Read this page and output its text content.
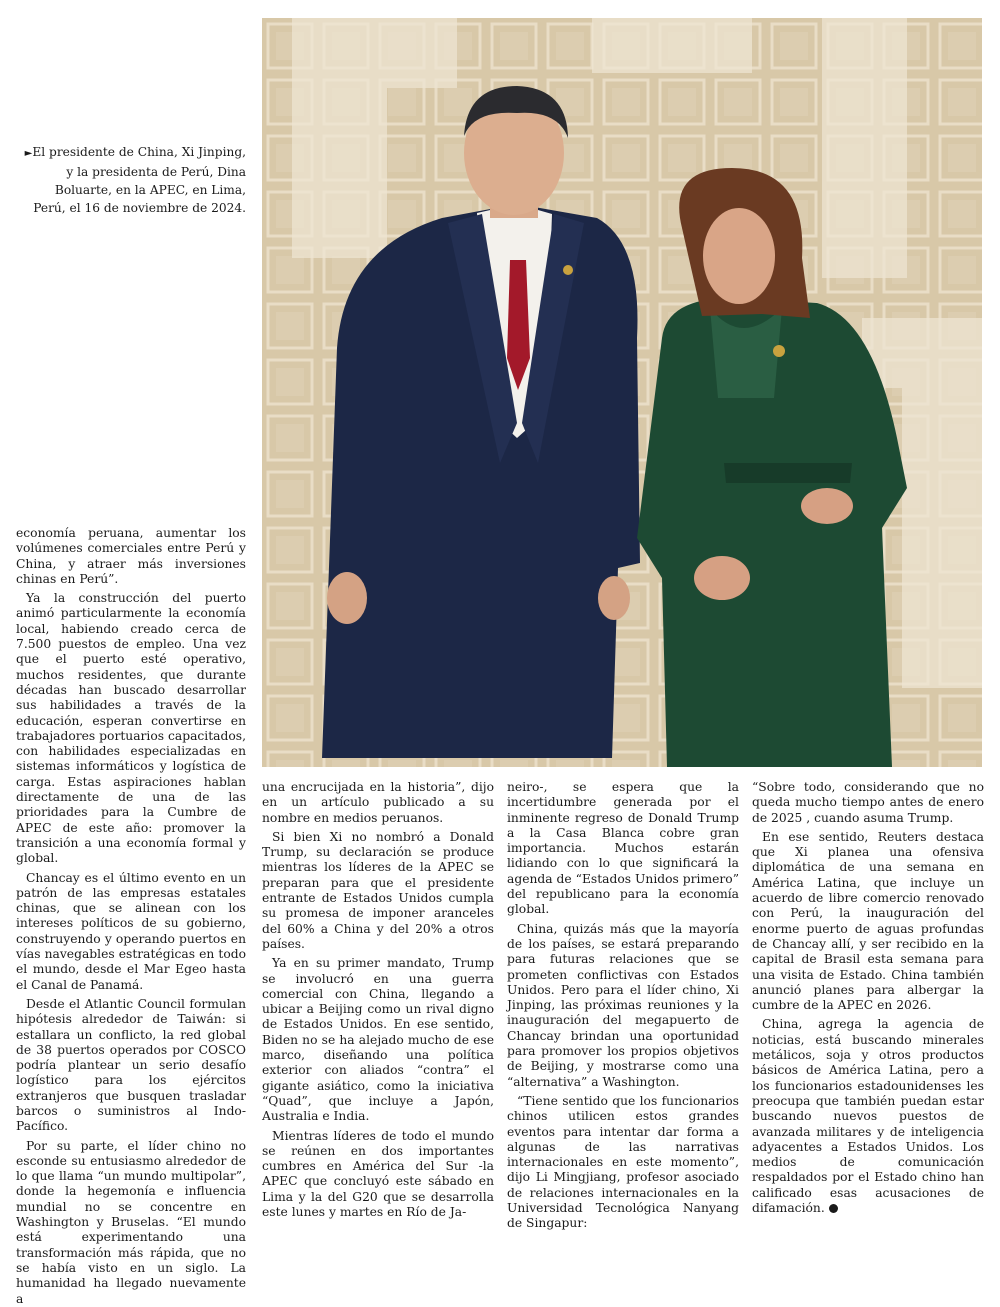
►El presidente de China, Xi Jinping, y la presidenta de Perú, Dina Boluarte, en la APEC, en Lima, Perú, el 16 de noviembre de 2024.

economía peruana, aumentar los volúmenes comerciales entre Perú y China, y atraer más inversiones chinas en Perú”.

Ya la construcción del puerto animó particularmente la economía local, habiendo creado cerca de 7.500 puestos de empleo. Una vez que el puerto esté operativo, muchos residentes, que durante décadas han buscado desarrollar sus habilidades a través de la educación, esperan convertirse en trabajadores portuarios capacitados, con habilidades especializadas en sistemas informáticos y logística de carga. Estas aspiraciones hablan directamente de una de las prioridades para la Cumbre de APEC de este año: promover la transición a una economía formal y global.

Chancay es el último evento en un patrón de las empresas estatales chinas, que se alinean con los intereses políticos de su gobierno, construyendo y operando puertos en vías navegables estratégicas en todo el mundo, desde el Mar Egeo hasta el Canal de Panamá.

Desde el Atlantic Council formulan hipótesis alrededor de Taiwán: si estallara un conflicto, la red global de 38 puertos operados por COSCO podría plantear un serio desafío logístico para los ejércitos extranjeros que busquen trasladar barcos o suministros al Indo-Pacífico.

Por su parte, el líder chino no esconde su entusiasmo alrededor de lo que llama “un mundo multipolar”, donde la hegemonía e influencia mundial no se concentre en Washington y Bruselas. “El mundo está experimentando una transformación más rápida, que no se había visto en un siglo. La humanidad ha llegado nuevamente a

una encrucijada en la historia”, dijo en un artículo publicado a su nombre en medios peruanos.

Si bien Xi no nombró a Donald Trump, su declaración se produce mientras los líderes de la APEC se preparan para que el presidente entrante de Estados Unidos cumpla su promesa de imponer aranceles del 60% a China y del 20% a otros países.

Ya en su primer mandato, Trump se involucró en una guerra comercial con China, llegando a ubicar a Beijing como un rival digno de Estados Unidos. En ese sentido, Biden no se ha alejado mucho de ese marco, diseñando una política exterior con aliados “contra” el gigante asiático, como la iniciativa “Quad”, que incluye a Japón, Australia e India.

Mientras líderes de todo el mundo se reúnen en dos importantes cumbres en América del Sur -la APEC que concluyó este sábado en Lima y la del G20 que se desarrolla este lunes y martes en Río de Ja-

neiro-, se espera que la incertidumbre generada por el inminente regreso de Donald Trump a la Casa Blanca cobre gran importancia. Muchos estarán lidiando con lo que significará la agenda de “Estados Unidos primero” del republicano para la economía global.

China, quizás más que la mayoría de los países, se estará preparando para futuras relaciones que se prometen conflictivas con Estados Unidos. Pero para el líder chino, Xi Jinping, las próximas reuniones y la inauguración del megapuerto de Chancay brindan una oportunidad para promover los propios objetivos de Beijing, y mostrarse como una “alternativa” a Washington.

“Tiene sentido que los funcionarios chinos utilicen estos grandes eventos para intentar dar forma a algunas de las narrativas internacionales en este momento”, dijo Li Mingjiang, profesor asociado de relaciones internacionales en la Universidad Tecnológica Nanyang de Singapur:

“Sobre todo, considerando que no queda mucho tiempo antes de enero de 2025 , cuando asuma Trump.

En ese sentido, Reuters destaca que Xi planea una ofensiva diplomática de una semana en América Latina, que incluye un acuerdo de libre comercio renovado con Perú, la inauguración del enorme puerto de aguas profundas de Chancay allí, y ser recibido en la capital de Brasil esta semana para una visita de Estado. China también anunció planes para albergar la cumbre de la APEC en 2026.

China, agrega la agencia de noticias, está buscando minerales metálicos, soja y otros productos básicos de América Latina, pero a los funcionarios estadounidenses les preocupa que también puedan estar buscando nuevos puestos de avanzada militares y de inteligencia adyacentes a Estados Unidos. Los medios de comunicación respaldados por el Estado chino han calificado esas acusaciones de difamación.
